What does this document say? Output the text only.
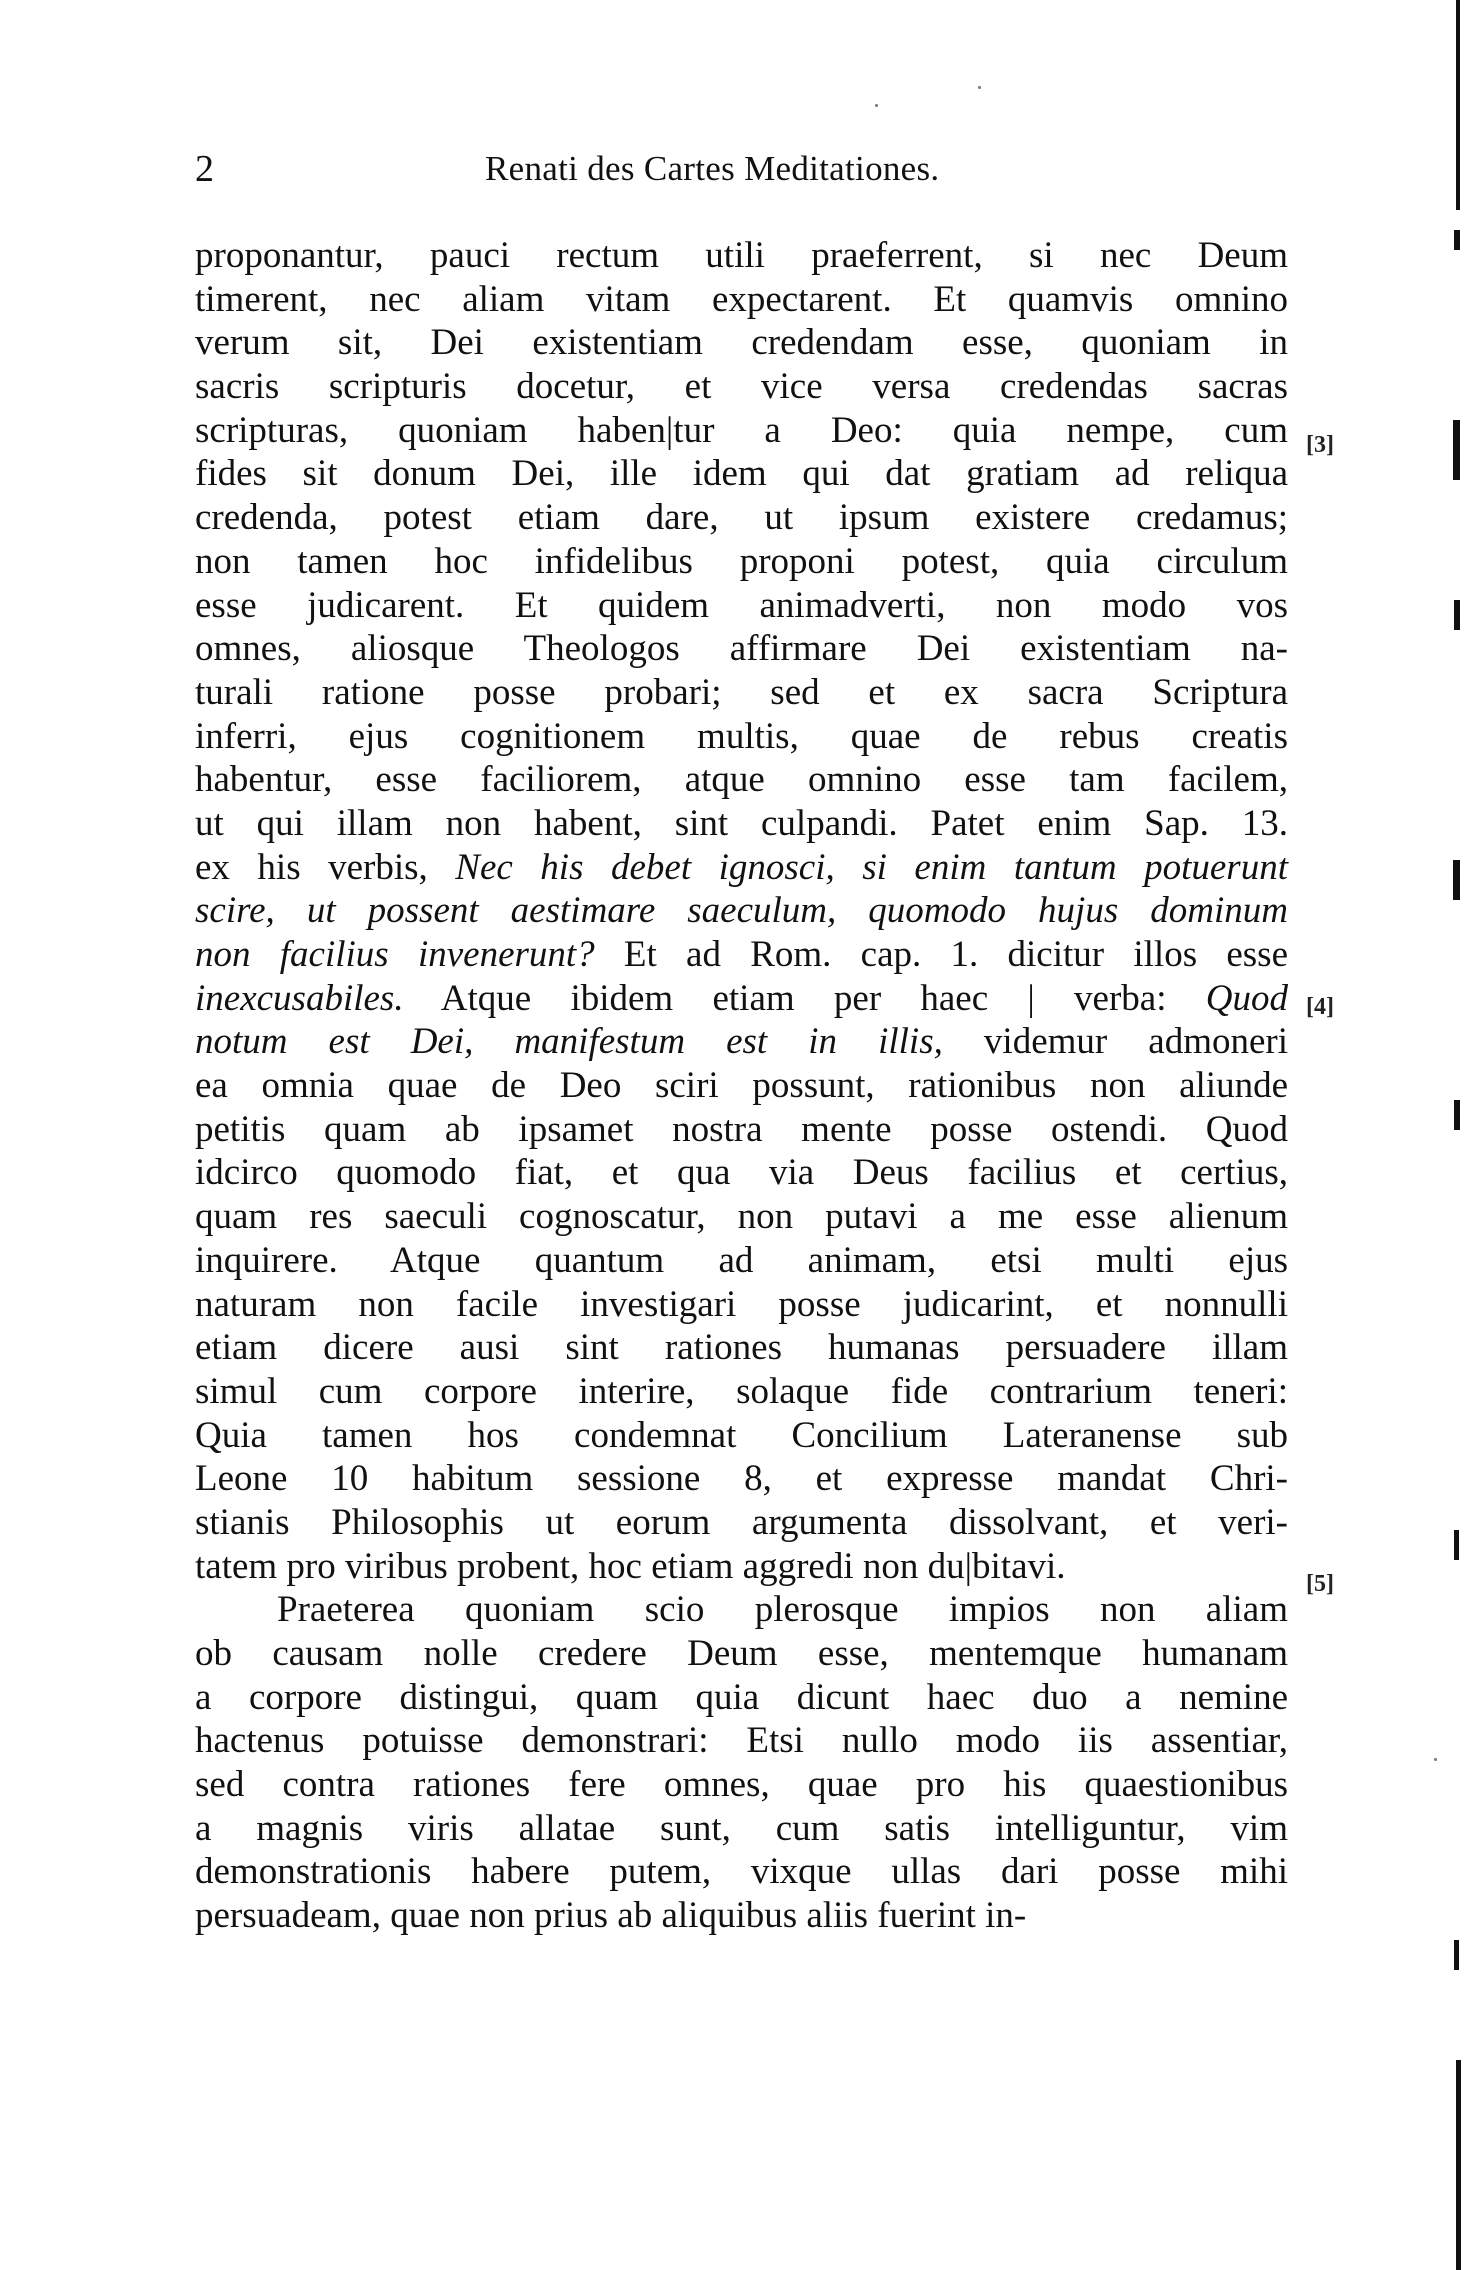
2	Renati des Cartes Meditationes.
proponantur, pauci rectum utili praeferrent, si nec Deum
timerent, nec aliam vitam expectarent. Et quamvis omnino
verum sit, Dei existentiam credendam esse, quoniam in
sacris scripturis docetur, et vice versa credendas sacras
scripturas, quoniam haben|tur a Deo: quia nempe, cum
fides sit donum Dei, ille idem qui dat gratiam ad reliqua
credenda, potest etiam dare, ut ipsum existere credamus;
non tamen hoc infidelibus proponi potest, quia circulum
esse judicarent. Et quidem animadverti, non modo vos
omnes, aliosque Theologos affirmare Dei existentiam na-
turali ratione posse probari; sed et ex sacra Scriptura
inferri, ejus cognitionem multis, quae de rebus creatis
habentur, esse faciliorem, atque omnino esse tam facilem,
ut qui illam non habent, sint culpandi. Patet enim Sap. 13.
ex his verbis, Nec his debet ignosci, si enim tantum potuerunt
scire, ut possent aestimare saeculum, quomodo hujus dominum
non facilius invenerunt? Et ad Rom. cap. 1. dicitur illos esse
inexcusabiles. Atque ibidem etiam per haec | verba: Quod
notum est Dei, manifestum est in illis, videmur admoneri
ea omnia quae de Deo sciri possunt, rationibus non aliunde
petitis quam ab ipsamet nostra mente posse ostendi. Quod
idcirco quomodo fiat, et qua via Deus facilius et certius,
quam res saeculi cognoscatur, non putavi a me esse alienum
inquirere. Atque quantum ad animam, etsi multi ejus
naturam non facile investigari posse judicarint, et nonnulli
etiam dicere ausi sint rationes humanas persuadere illam
simul cum corpore interire, solaque fide contrarium teneri:
Quia tamen hos condemnat Concilium Lateranense sub
Leone 10 habitum sessione 8, et expresse mandat Chri-
stianis Philosophis ut eorum argumenta dissolvant, et veri-
tatem pro viribus probent, hoc etiam aggredi non du|bitavi.
Praeterea quoniam scio plerosque impios non aliam
ob causam nolle credere Deum esse, mentemque humanam
a corpore distingui, quam quia dicunt haec duo a nemine
hactenus potuisse demonstrari: Etsi nullo modo iis assentiar,
sed contra rationes fere omnes, quae pro his quaestionibus
a magnis viris allatae sunt, cum satis intelliguntur, vim
demonstrationis habere putem, vixque ullas dari posse mihi
persuadeam, quae non prius ab aliquibus aliis fuerint in-
[3]
[4]
[5]
